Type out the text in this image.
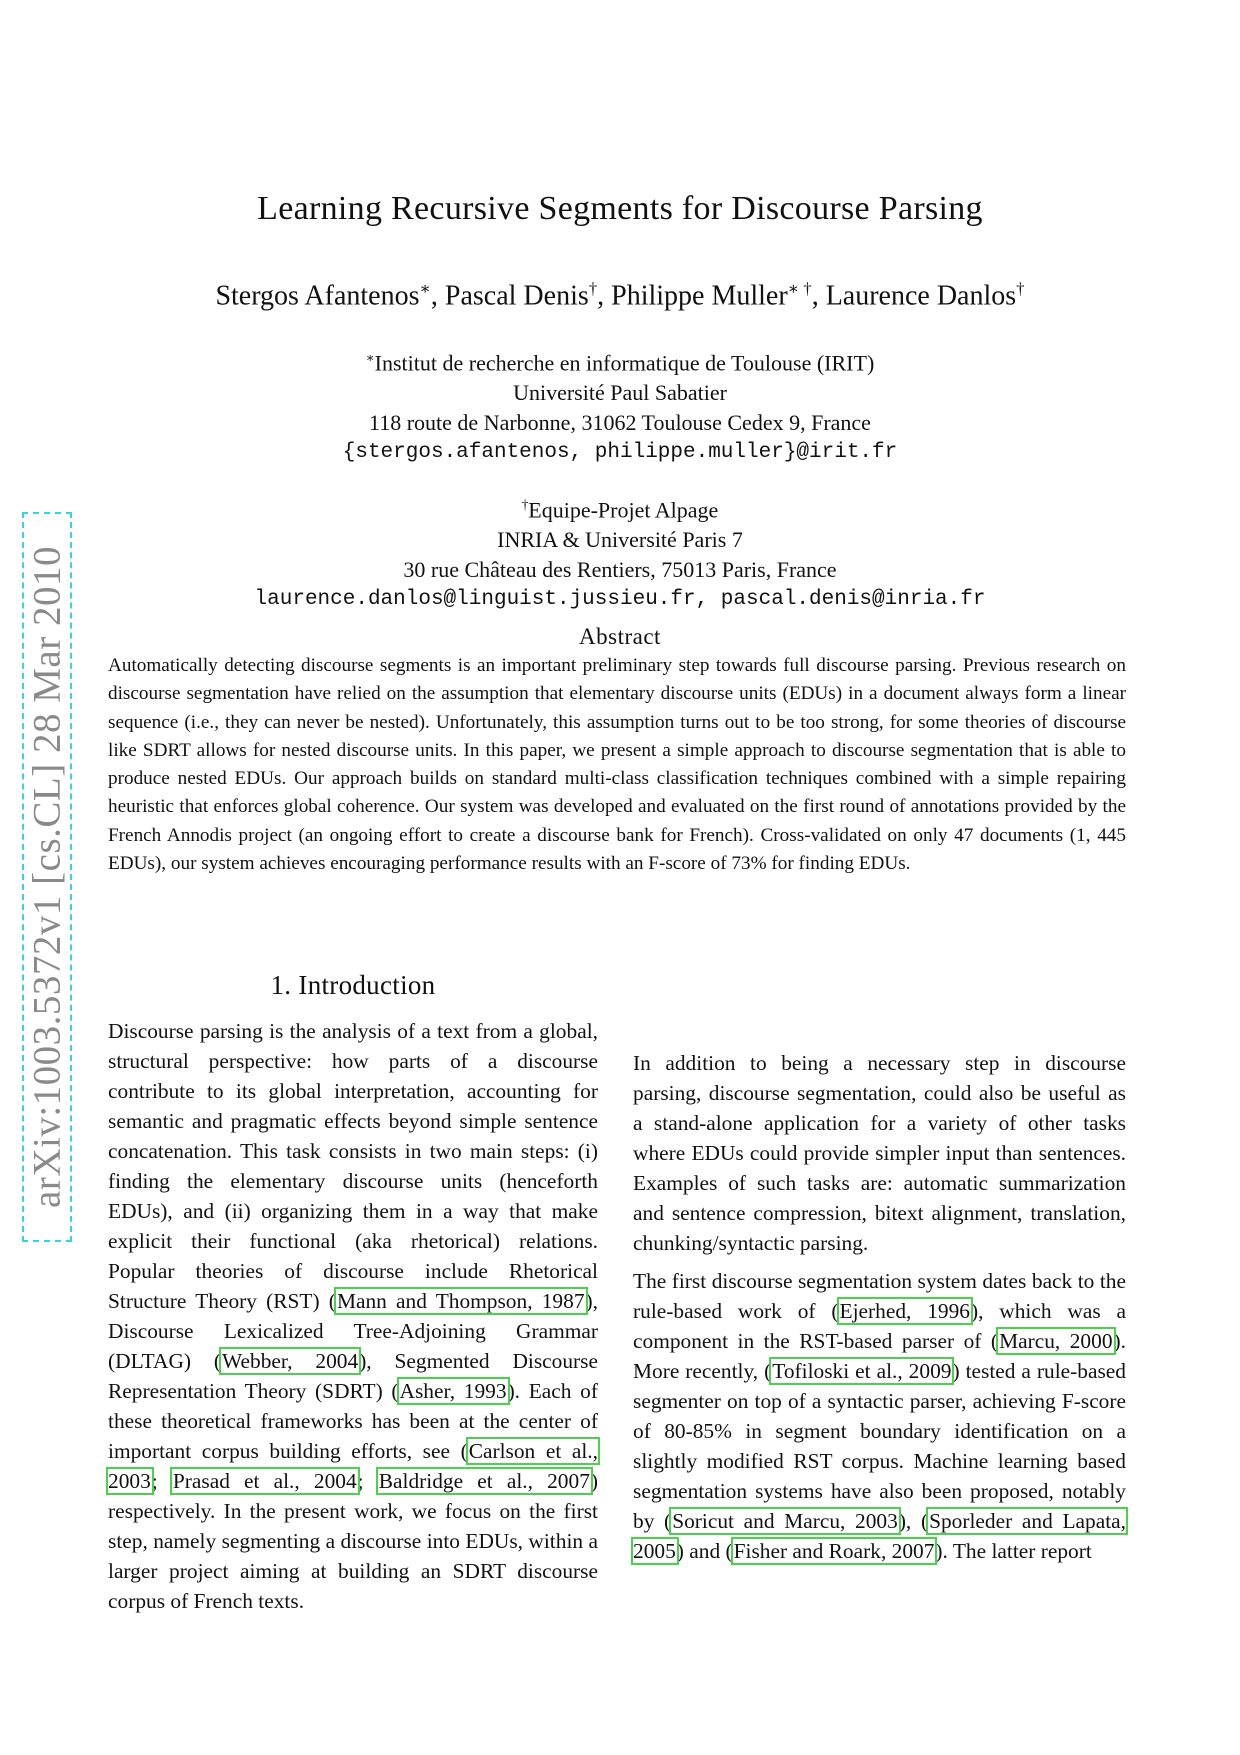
arXiv:1003.5372v1 [cs.CL] 28 Mar 2010
Learning Recursive Segments for Discourse Parsing
Stergos Afantenos∗, Pascal Denis†, Philippe Muller∗ †, Laurence Danlos†
∗Institut de recherche en informatique de Toulouse (IRIT)
Université Paul Sabatier
118 route de Narbonne, 31062 Toulouse Cedex 9, France
{stergos.afantenos, philippe.muller}@irit.fr
†Equipe-Projet Alpage
INRIA & Université Paris 7
30 rue Château des Rentiers, 75013 Paris, France
laurence.danlos@linguist.jussieu.fr, pascal.denis@inria.fr
Abstract
Automatically detecting discourse segments is an important preliminary step towards full discourse parsing. Previous research on discourse segmentation have relied on the assumption that elementary discourse units (EDUs) in a document always form a linear sequence (i.e., they can never be nested). Unfortunately, this assumption turns out to be too strong, for some theories of discourse like SDRT allows for nested discourse units. In this paper, we present a simple approach to discourse segmentation that is able to produce nested EDUs. Our approach builds on standard multi-class classification techniques combined with a simple repairing heuristic that enforces global coherence. Our system was developed and evaluated on the first round of annotations provided by the French Annodis project (an ongoing effort to create a discourse bank for French). Cross-validated on only 47 documents (1, 445 EDUs), our system achieves encouraging performance results with an F-score of 73% for finding EDUs.
1. Introduction

Discourse parsing is the analysis of a text from a global, structural perspective: how parts of a discourse contribute to its global interpretation, accounting for semantic and pragmatic effects beyond simple sentence concatenation. This task consists in two main steps: (i) finding the elementary discourse units (henceforth EDUs), and (ii) organizing them in a way that make explicit their functional (aka rhetorical) relations. Popular theories of discourse include Rhetorical Structure Theory (RST) (Mann and Thompson, 1987), Discourse Lexicalized Tree-Adjoining Grammar (DLTAG) (Webber, 2004), Segmented Discourse Representation Theory (SDRT) (Asher, 1993). Each of these theoretical frameworks has been at the center of important corpus building efforts, see (Carlson et al., 2003; Prasad et al., 2004; Baldridge et al., 2007) respectively. In the present work, we focus on the first step, namely segmenting a discourse into EDUs, within a larger project aiming at building an SDRT discourse corpus of French texts.

In addition to being a necessary step in discourse parsing, discourse segmentation, could also be useful as a stand-alone application for a variety of other tasks where EDUs could provide simpler input than sentences. Examples of such tasks are: automatic summarization and sentence compression, bitext alignment, translation, chunking/syntactic parsing.

The first discourse segmentation system dates back to the rule-based work of (Ejerhed, 1996), which was a component in the RST-based parser of (Marcu, 2000). More recently, (Tofiloski et al., 2009) tested a rule-based segmenter on top of a syntactic parser, achieving F-score of 80-85% in segment boundary identification on a slightly modified RST corpus. Machine learning based segmentation systems have also been proposed, notably by (Soricut and Marcu, 2003), (Sporleder and Lapata, 2005) and (Fisher and Roark, 2007). The latter report
